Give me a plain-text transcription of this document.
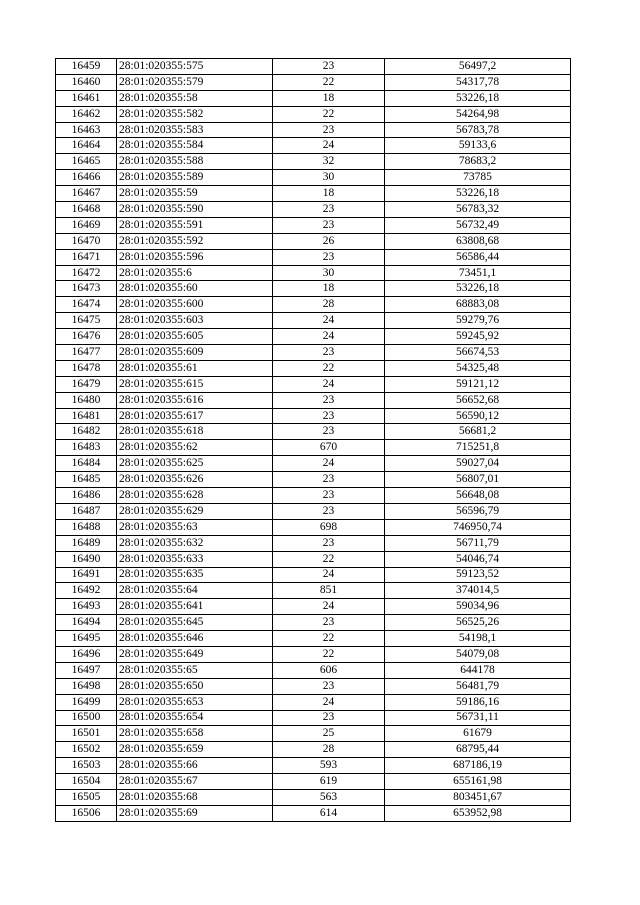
16459	28:01:020355:575	23	56497,2
16460	28:01:020355:579	22	54317,78
16461	28:01:020355:58	18	53226,18
16462	28:01:020355:582	22	54264,98
16463	28:01:020355:583	23	56783,78
16464	28:01:020355:584	24	59133,6
16465	28:01:020355:588	32	78683,2
16466	28:01:020355:589	30	73785
16467	28:01:020355:59	18	53226,18
16468	28:01:020355:590	23	56783,32
16469	28:01:020355:591	23	56732,49
16470	28:01:020355:592	26	63808,68
16471	28:01:020355:596	23	56586,44
16472	28:01:020355:6	30	73451,1
16473	28:01:020355:60	18	53226,18
16474	28:01:020355:600	28	68883,08
16475	28:01:020355:603	24	59279,76
16476	28:01:020355:605	24	59245,92
16477	28:01:020355:609	23	56674,53
16478	28:01:020355:61	22	54325,48
16479	28:01:020355:615	24	59121,12
16480	28:01:020355:616	23	56652,68
16481	28:01:020355:617	23	56590,12
16482	28:01:020355:618	23	56681,2
16483	28:01:020355:62	670	715251,8
16484	28:01:020355:625	24	59027,04
16485	28:01:020355:626	23	56807,01
16486	28:01:020355:628	23	56648,08
16487	28:01:020355:629	23	56596,79
16488	28:01:020355:63	698	746950,74
16489	28:01:020355:632	23	56711,79
16490	28:01:020355:633	22	54046,74
16491	28:01:020355:635	24	59123,52
16492	28:01:020355:64	851	374014,5
16493	28:01:020355:641	24	59034,96
16494	28:01:020355:645	23	56525,26
16495	28:01:020355:646	22	54198,1
16496	28:01:020355:649	22	54079,08
16497	28:01:020355:65	606	644178
16498	28:01:020355:650	23	56481,79
16499	28:01:020355:653	24	59186,16
16500	28:01:020355:654	23	56731,11
16501	28:01:020355:658	25	61679
16502	28:01:020355:659	28	68795,44
16503	28:01:020355:66	593	687186,19
16504	28:01:020355:67	619	655161,98
16505	28:01:020355:68	563	803451,67
16506	28:01:020355:69	614	653952,98
